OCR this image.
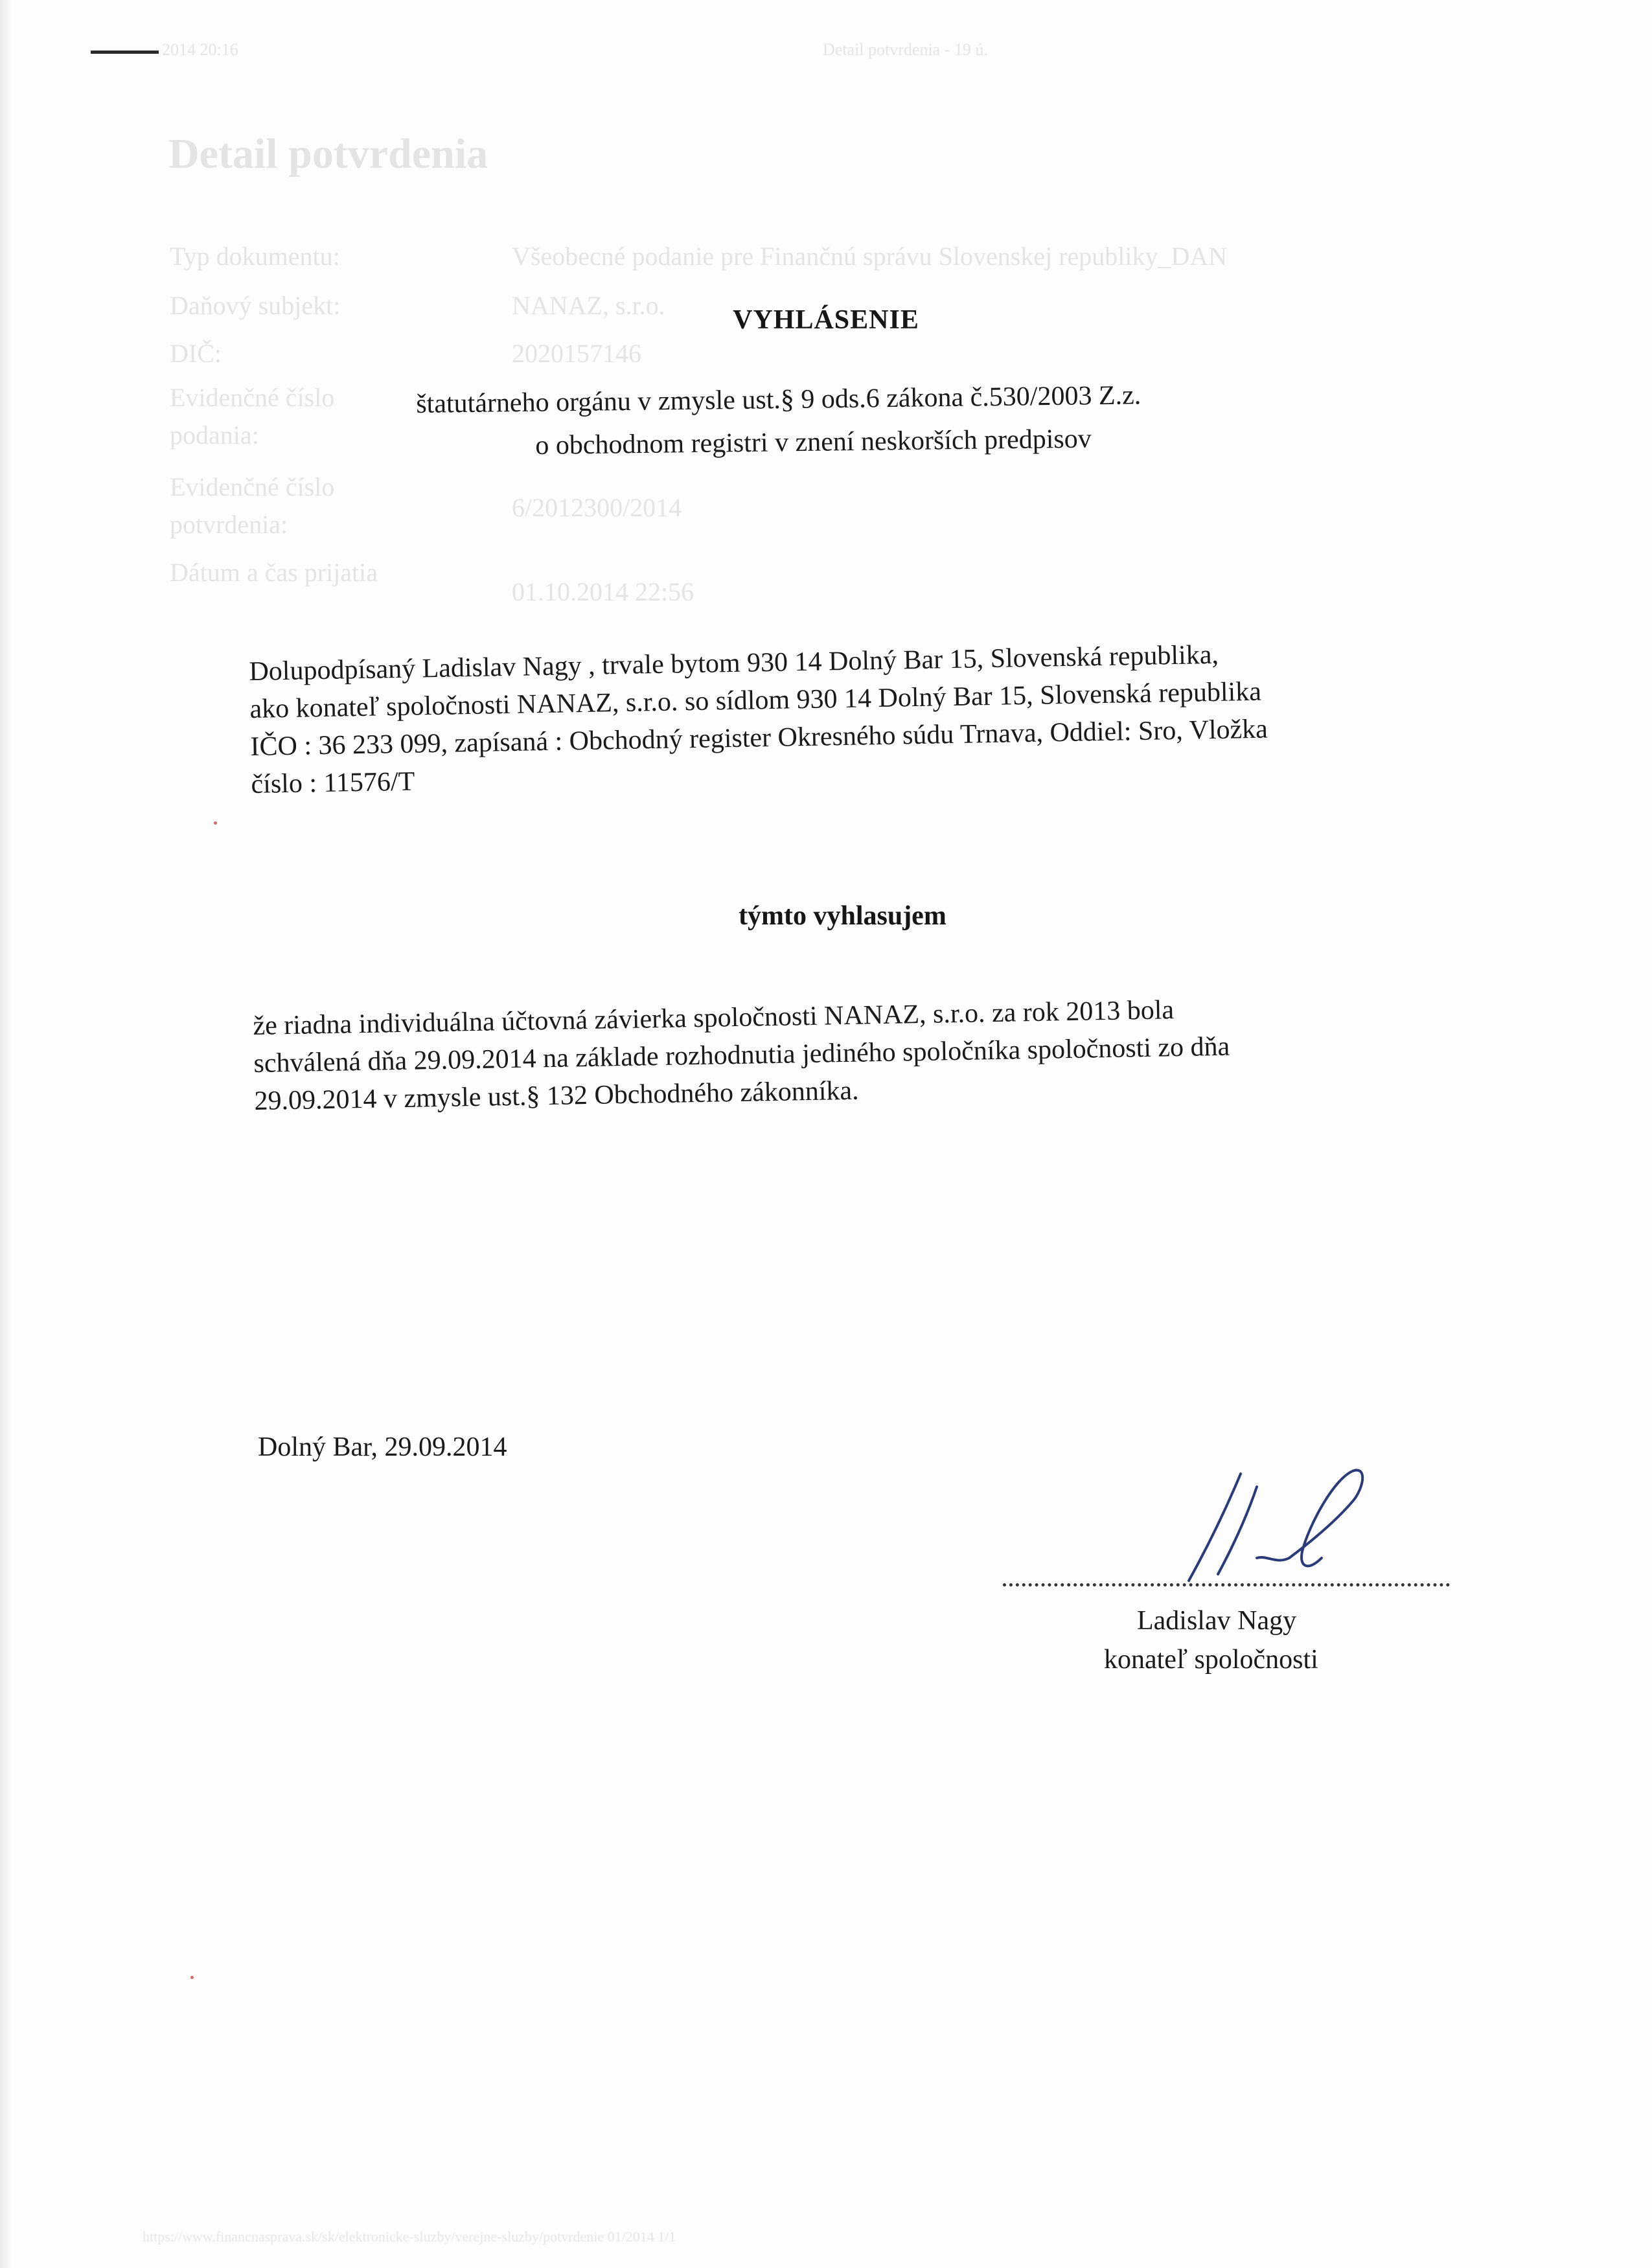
2014 20:16	Detail potvrdenia - 19 ú.
Detail potvrdenia
Typ dokumentu:
Daňový subjekt:
DIČ:
Evidenčné číslo
podania:
Evidenčné číslo
potvrdenia:
Dátum a čas prijatia
Všeobecné podanie pre Finančnú správu Slovenskej republiky_DAN
NANAZ, s.r.o.
2020157146
6/2012300/2014
01.10.2014 22:56
https://www.financnasprava.sk/sk/elektronicke-sluzby/verejne-sluzby/potvrdenie 01/2014 1/1
VYHLÁSENIE
štatutárneho orgánu v zmysle ust.§ 9 ods.6 zákona č.530/2003 Z.z.
o obchodnom registri v znení neskorších predpisov
Dolupodpísaný Ladislav Nagy , trvale bytom 930 14 Dolný Bar 15, Slovenská republika,
ako konateľ spoločnosti NANAZ, s.r.o. so sídlom 930 14 Dolný Bar 15, Slovenská republika
IČO : 36 233 099, zapísaná : Obchodný register Okresného súdu Trnava, Oddiel: Sro, Vložka
číslo : 11576/T
týmto vyhlasujem
že riadna individuálna účtovná závierka spoločnosti NANAZ, s.r.o. za rok 2013 bola
schválená dňa 29.09.2014 na základe rozhodnutia jediného spoločníka spoločnosti zo dňa
29.09.2014 v zmysle ust.§ 132 Obchodného zákonníka.
Dolný Bar, 29.09.2014
Ladislav Nagy
konateľ spoločnosti
